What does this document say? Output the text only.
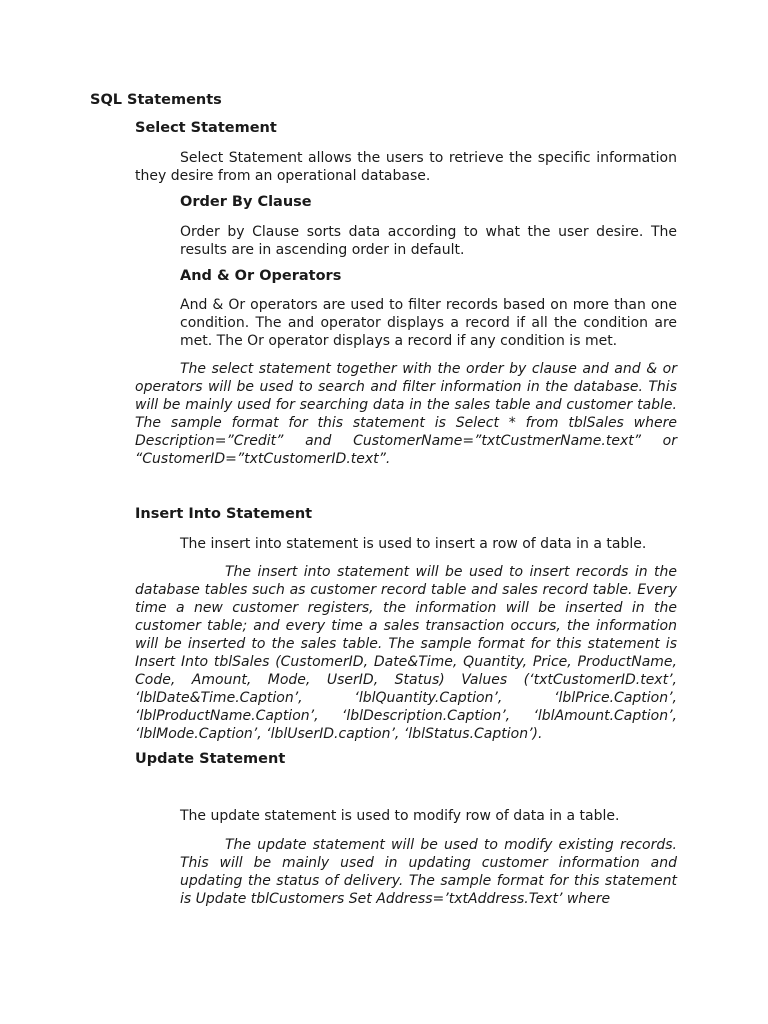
SQL Statements
Select Statement

Select Statement allows the users to retrieve the specific information they desire from an operational database.

Order By Clause

Order by Clause sorts data according to what the user desire. The results are in ascending order in default.

And & Or Operators

And & Or operators are used to filter records based on more than one condition. The and operator displays a record if all the condition are met. The Or operator displays a record if any condition is met.

The select statement together with the order by clause and and & or operators will be used to search and filter information in the database. This will be mainly used for searching data in the sales table and customer table. The sample format for this statement is Select * from tblSales where Description=”Credit” and CustomerName=”txtCustmerName.text” or “CustomerID=”txtCustomerID.text”.

Insert Into Statement

The insert into statement is used to insert a row of data in a table.

The insert into statement will be used to insert records in the database tables such as customer record table and sales record table. Every time a new customer registers, the information will be inserted in the customer table; and every time a sales transaction occurs, the information will be inserted to the sales table. The sample format for this statement is Insert Into tblSales (CustomerID, Date&Time, Quantity, Price, ProductName, Code, Amount, Mode, UserID, Status) Values (‘txtCustomerID.text’, ‘lblDate&Time.Caption’, ‘lblQuantity.Caption’, ‘lblPrice.Caption’, ‘lblProductName.Caption’, ‘lblDescription.Caption’, ‘lblAmount.Caption’, ‘lblMode.Caption’, ‘lblUserID.caption’, ‘lblStatus.Caption’).

Update Statement

The update statement is used to modify row of data in a table.

The update statement will be used to modify existing records. This will be mainly used in updating customer information and updating the status of delivery. The sample format for this statement is Update tblCustomers Set Address=’txtAddress.Text’ where
